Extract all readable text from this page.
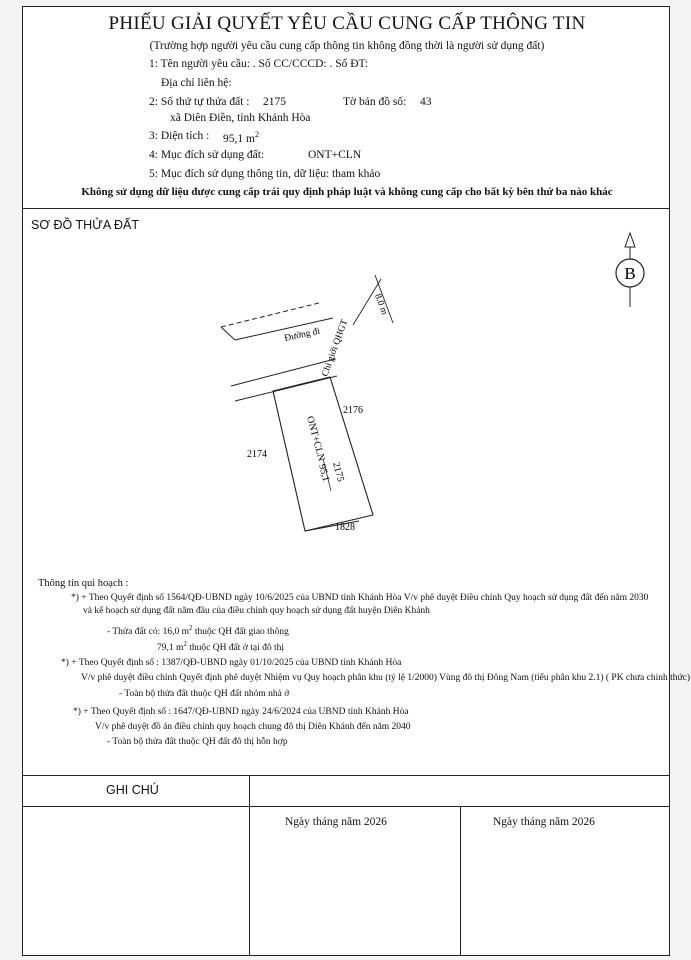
PHIẾU GIẢI QUYẾT YÊU CẦU CUNG CẤP THÔNG TIN
(Trường hợp người yêu cầu cung cấp thông tin không đồng thời là người sử dụng đất)
1: Tên người yêu cầu: . Số CC/CCCD: . Số ĐT:
Địa chỉ liên hệ:
2: Số thứ tự thửa đất : 2175	Tờ bản đồ số: 43
xã Diên Điền, tỉnh Khánh Hòa
3: Diện tích : 95,1 $m^2$
4: Mục đích sử dụng đất:	ONT+CLN
5: Mục đích sử dụng thông tin, dữ liệu: tham khảo
Không sử dụng dữ liệu được cung cấp trái quy định pháp luật và không cung cấp cho bất kỳ bên thứ ba nào khác
SƠ ĐỒ THỬA ĐẤT
B
Đường đi Chỉ giới QHGT
8.0 m
ONT+CLN
2175
95,1
2174
2176
1828
Thông tin qui hoạch :
*) + Theo Quyết định số 1564/QĐ-UBND ngày 10/6/2025 của UBND tỉnh Khánh Hòa V/v phê duyệt Điều chỉnh Quy hoạch sử dụng đất đến năm 2030
và kế hoạch sử dụng đất năm đầu của điều chỉnh quy hoạch sử dụng đất huyện Diên Khánh
- Thửa đất có: 16,0 $m^2$ thuộc QH đất giao thông
79,1 $m^2$ thuộc QH đất ở tại đô thị
*) + Theo Quyết định số : 1387/QĐ-UBND ngày 01/10/2025 của UBND tỉnh Khánh Hòa
V/v phê duyệt điều chỉnh Quyết định phê duyệt Nhiệm vụ Quy hoạch phân khu (tỷ lệ 1/2000) Vùng đô thị Đông Nam (tiểu phân khu 2.1) ( PK chưa chính thức)
- Toàn bộ thửa đất thuộc QH đất nhóm nhà ở
*) + Theo Quyết định số : 1647/QĐ-UBND ngày 24/6/2024 của UBND tỉnh Khánh Hòa
V/v phê duyệt đồ án điều chỉnh quy hoạch chung đô thị Diên Khánh đến năm 2040
- Toàn bộ thửa đất thuộc QH đất đô thị hỗn hợp
GHI CHÚ
Ngày tháng năm 2026	Ngày tháng năm 2026
